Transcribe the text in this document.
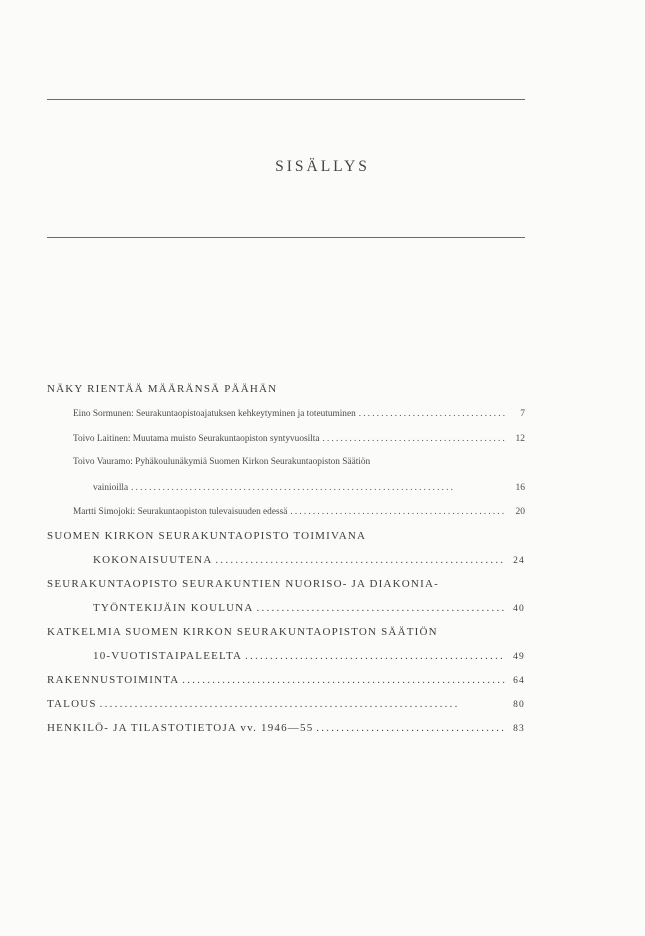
SISÄLLYS
NÄKY RIENTÄÄ MÄÄRÄNSÄ PÄÄHÄN
Eino Sormunen: Seurakuntaopistoajatuksen kehkeytyminen ja toteutuminen . . .	7
Toivo Laitinen: Muutama muisto Seurakuntaopiston syntyvuosilta . . .	12
Toivo Vauramo: Pyhäkoulunäkymiä Suomen Kirkon Seurakuntaopiston Säätiön
vainioilla . . .	16
Martti Simojoki: Seurakuntaopiston tulevaisuuden edessä . . .	20
SUOMEN KIRKON SEURAKUNTAOPISTO TOIMIVANA
KOKONAISUUTENA . . .	24
SEURAKUNTAOPISTO SEURAKUNTIEN NUORISO- JA DIAKONIA-
TYÖNTEKIJÄIN KOULUNA . . .	40
KATKELMIA SUOMEN KIRKON SEURAKUNTAOPISTON SÄÄTIÖN
10-VUOTISTAIPALEELTA . . .	49
RAKENNUSTOIMINTA . . .	64
TALOUS . . .	80
HENKILÖ- JA TILASTOTIETOJA vv. 1946—55 . . .	83
